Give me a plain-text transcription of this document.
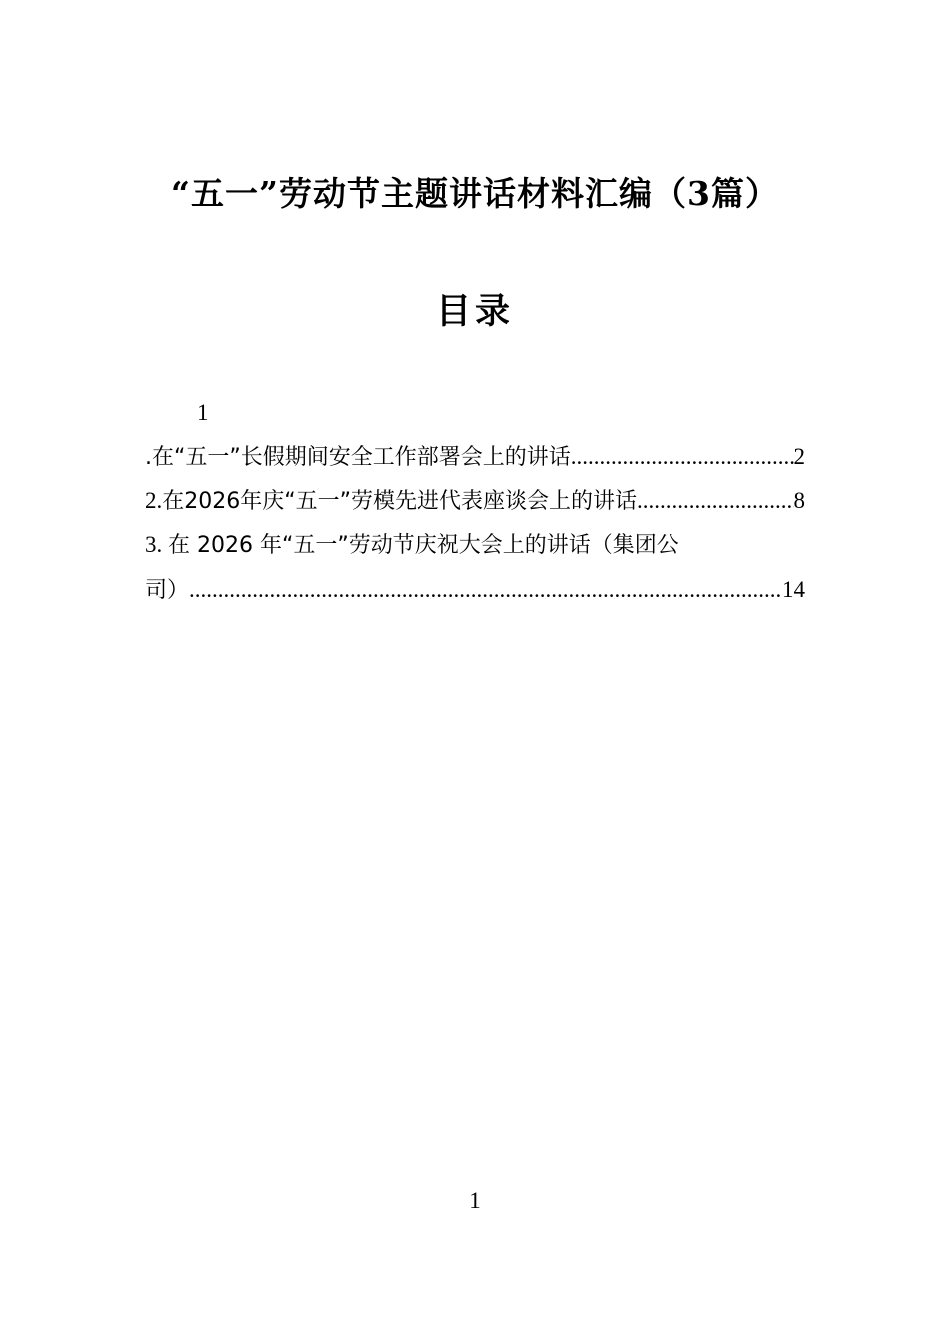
“五一”劳动节主题讲话材料汇编（3篇）
目录
1
.在“五一”长假期间安全工作部署会上的讲话 .....	2
2. 在2026年庆“五一”劳模先进代表座谈会上的讲话 .....	8
3. 在 2026 年“五一”劳动节庆祝大会上的讲话（集团公
司） .....	14
1
